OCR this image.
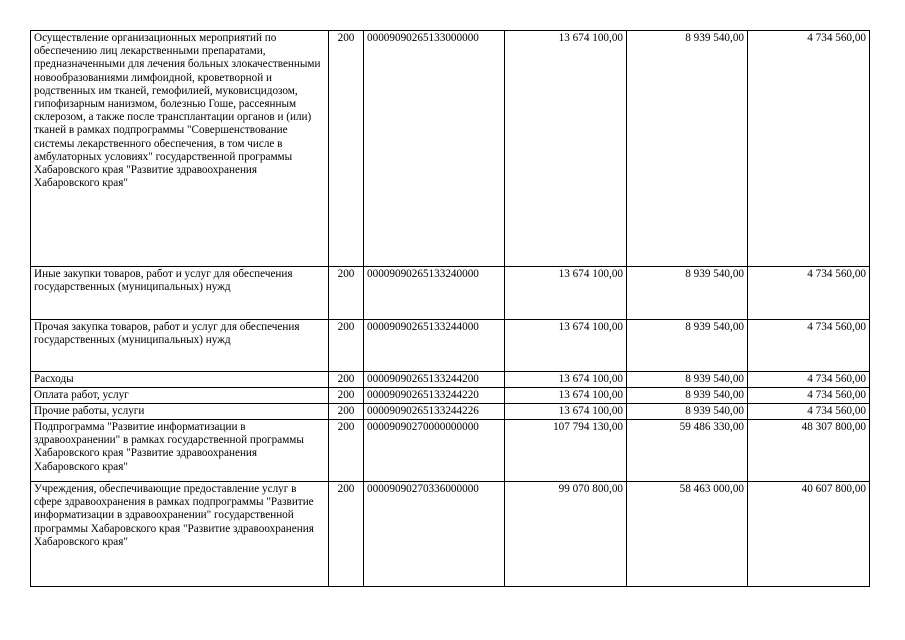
Осуществление организационных мероприятий по обеспечению лиц лекарственными препаратами, предназначенными для лечения больных злокачественными новообразованиями лимфоидной, кроветворной и родственных им тканей, гемофилией, муковисцидозом, гипофизарным нанизмом, болезнью Гоше, рассеянным склерозом, а также после трансплантации органов и (или) тканей в рамках подпрограммы "Совершенствование системы лекарственного обеспечения, в том числе в амбулаторных условиях" государственной программы Хабаровского края "Развитие здравоохранения Хабаровского края"	200	00009090265133000000	13 674 100,00	8 939 540,00	4 734 560,00
Иные закупки товаров, работ и услуг для обеспечения государственных (муниципальных) нужд	200	00009090265133240000	13 674 100,00	8 939 540,00	4 734 560,00
Прочая закупка товаров, работ и услуг для обеспечения государственных (муниципальных) нужд	200	00009090265133244000	13 674 100,00	8 939 540,00	4 734 560,00
Расходы	200	00009090265133244200	13 674 100,00	8 939 540,00	4 734 560,00
Оплата работ, услуг	200	00009090265133244220	13 674 100,00	8 939 540,00	4 734 560,00
Прочие работы, услуги	200	00009090265133244226	13 674 100,00	8 939 540,00	4 734 560,00
Подпрограмма "Развитие информатизации в здравоохранении" в рамках государственной программы Хабаровского края "Развитие здравоохранения Хабаровского края"	200	00009090270000000000	107 794 130,00	59 486 330,00	48 307 800,00
Учреждения, обеспечивающие предоставление услуг в сфере здравоохранения в рамках подпрограммы "Развитие информатизации в здравоохранении" государственной программы Хабаровского края "Развитие здравоохранения Хабаровского края"	200	00009090270336000000	99 070 800,00	58 463 000,00	40 607 800,00
